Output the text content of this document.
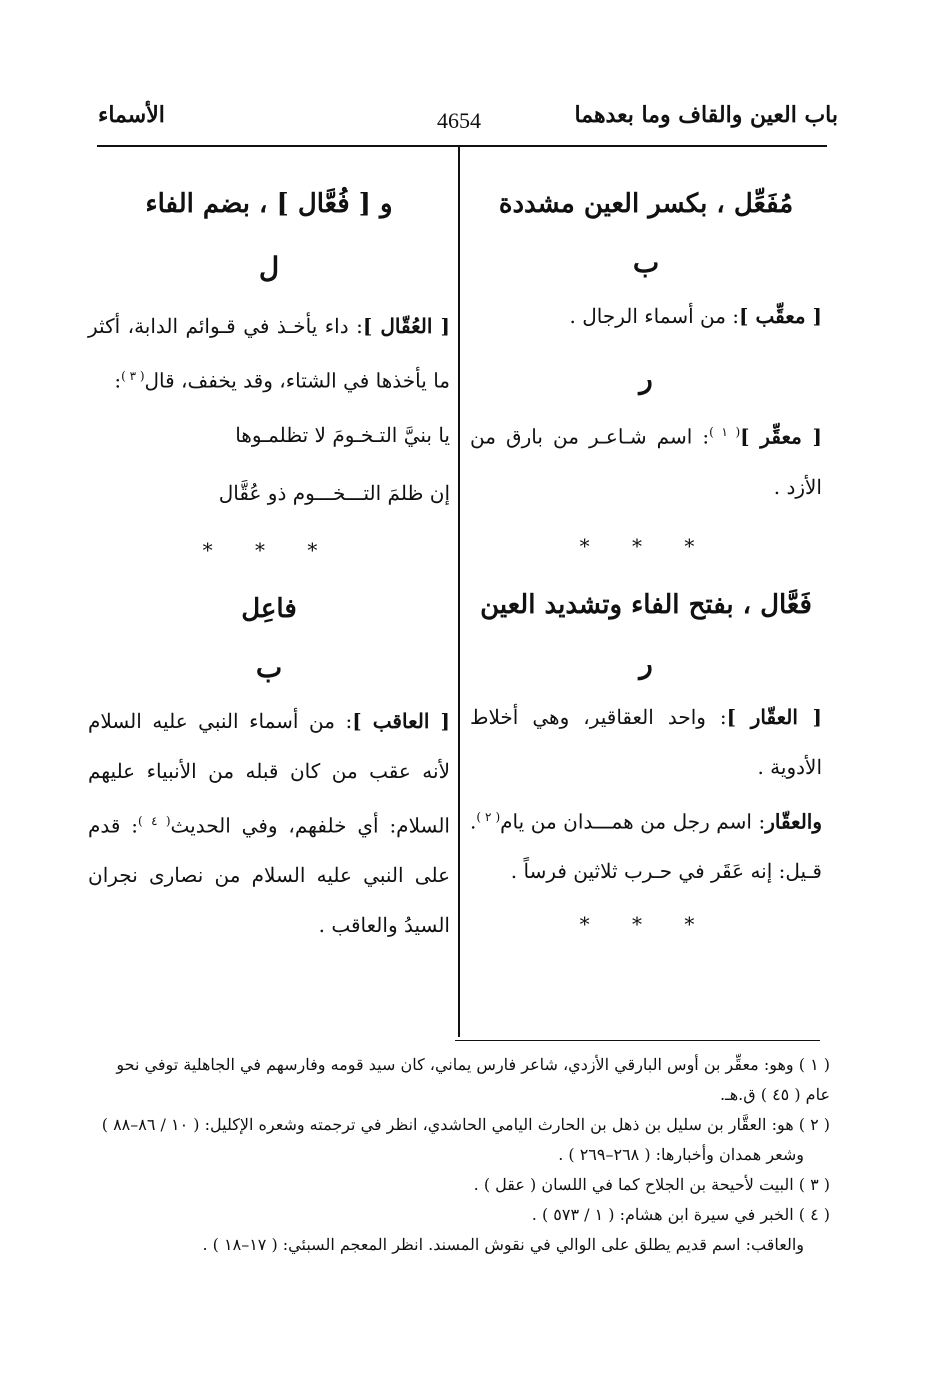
باب العين والقاف وما بعدهما
4654
الأسماء
مُفَعِّل ، بكسر العين مشددة
ب
[ معقِّب ]: من أسماء الرجال .
ر
[ معقِّر ]$^{( ١ )}$: اسم شـاعـر من بارق من الأزد .
* * *
فَعَّال ، بفتح الفاء وتشديد العين
ر
[ العقّار ]: واحد العقاقير، وهي أخلاط الأدوية .
والعقّار: اسم رجل من همـــدان من يام$^{( ٢ )}$. قـيل: إنه عَقَر في حـرب ثلاثين فرساً .
* * *
و [ فُعَّال ] ، بضم الفاء
ل
[ العُقّال ]: داء يأخـذ في قـوائم الدابة، أكثر ما يأخذها في الشتاء، وقد يخفف، قال$^{( ٣ )}$:
يا بنيَّ التـخـومَ لا تظلمـوها
إن ظلمَ التـــخـــوم ذو عُقَّال
* * *
فاعِل
ب
[ العاقب ]: من أسماء النبي عليه السلام لأنه عقب من كان قبله من الأنبياء عليهم السلام: أي خلفهم، وفي الحديث$^{( ٤ )}$: قدم على النبي عليه السلام من نصارى نجران السيدُ والعاقب .

( ١ ) وهو: معقِّر بن أوس البارقي الأزدي، شاعر فارس يماني، كان سيد قومه وفارسهم في الجاهلية توفي نحو عام ( ٤٥ ) ق.هـ.

( ٢ ) هو: العقَّار بن سليل بن ذهل بن الحارث اليامي الحاشدي، انظر في ترجمته وشعره الإكليل: ( ١٠ / ٨٦–٨٨ )

وشعر همدان وأخبارها: ( ٢٦٨–٢٦٩ ) .

( ٣ ) البيت لأحيحة بن الجلاح كما في اللسان ( عقل ) .

( ٤ ) الخبر في سيرة ابن هشام: ( ١ / ٥٧٣ ) .

والعاقب: اسم قديم يطلق على الوالي في نقوش المسند. انظر المعجم السبئي: ( ١٧–١٨ ) .
